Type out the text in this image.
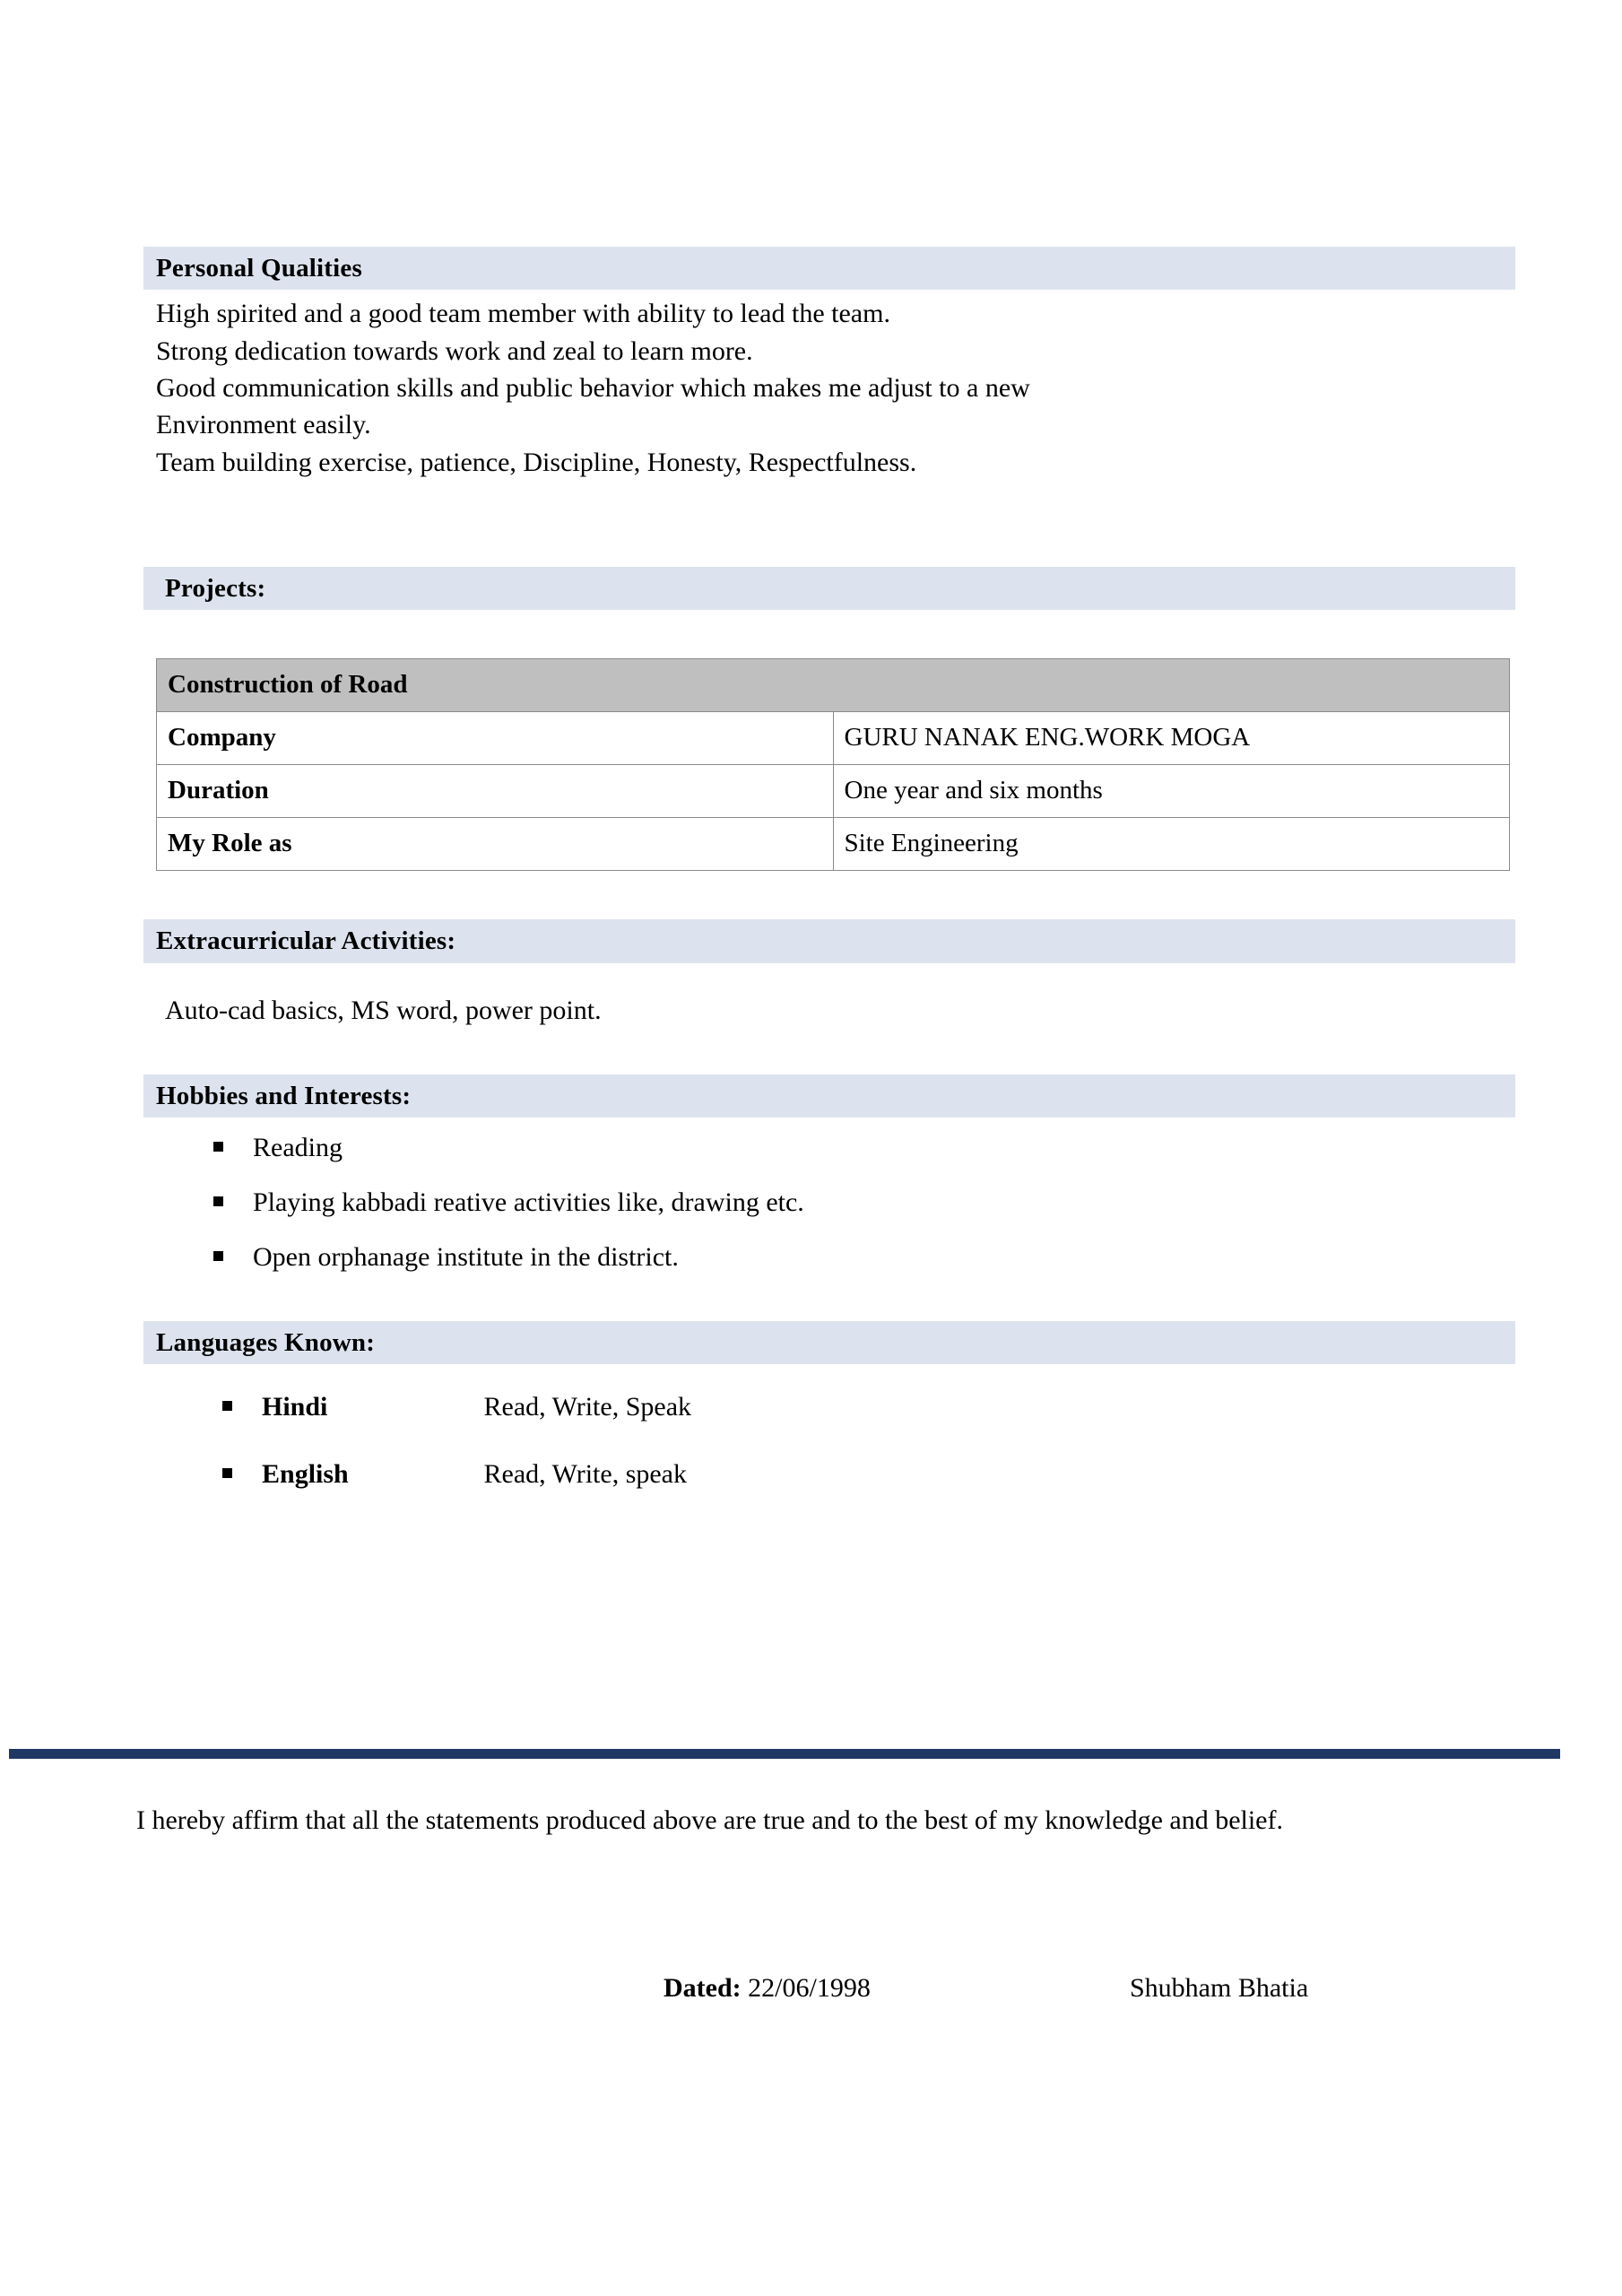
Personal Qualities
High spirited and a good team member with ability to lead the team.
Strong dedication towards work and zeal to learn more.
Good communication skills and public behavior which makes me adjust to a new
Environment easily.
Team building exercise, patience, Discipline, Honesty, Respectfulness.
Projects:
Construction of Road	
Company	GURU NANAK ENG.WORK MOGA
Duration	One year and six months
My Role as	Site Engineering
Extracurricular Activities:
Auto-cad basics, MS word, power point.
Hobbies and Interests:
Reading
Playing kabbadi reative activities like, drawing etc.
Open orphanage institute in the district.
Languages Known:
Hindi	Read, Write, Speak
English	Read, Write, speak
I hereby affirm that all the statements produced above are true and to the best of my knowledge and belief.
Dated: 22/06/1998	Shubham Bhatia
